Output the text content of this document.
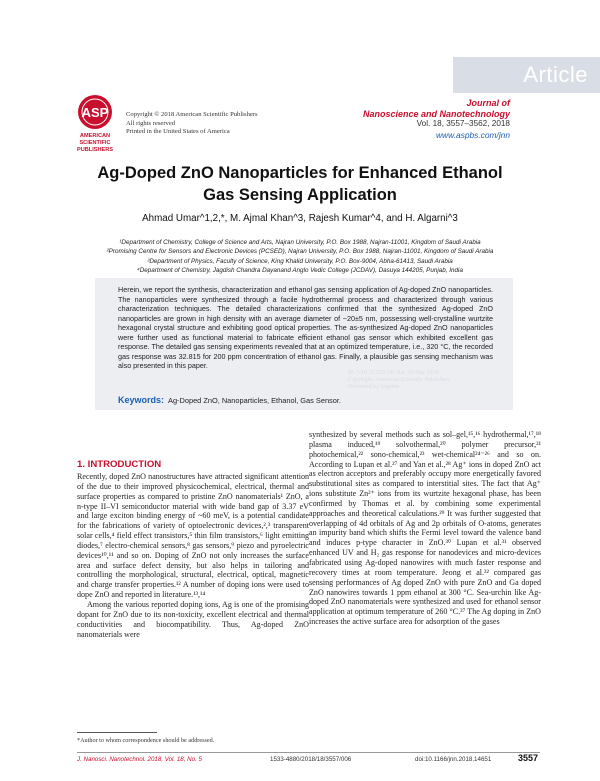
Article
ASP
AMERICAN
SCIENTIFIC
PUBLISHERS
Copyright © 2018 American Scientific Publishers
All rights reserved
Printed in the United States of America
Journal of
Nanoscience and Nanotechnology
Vol. 18, 3557–3562, 2018
www.aspbs.com/jnn
Ag-Doped ZnO Nanoparticles for Enhanced Ethanol
Gas Sensing Application
Ahmad Umar^1,2,*, M. Ajmal Khan^3, Rajesh Kumar^4, and H. Algarni^3
¹Department of Chemistry, College of Science and Arts, Najran University, P.O. Box 1988, Najran-11001, Kingdom of Saudi Arabia
²Promising Centre for Sensors and Electronic Devices (PCSED), Najran University, P.O. Box 1988, Najran-11001, Kingdom of Saudi Arabia
³Department of Physics, Faculty of Science, King Khalid University, P.O. Box-9004, Abha-61413, Saudi Arabia
⁴Department of Chemistry, Jagdish Chandra Dayanand Anglo Vedic College (JCDAV), Dasuya 144205, Punjab, India
Herein, we report the synthesis, characterization and ethanol gas sensing application of Ag-doped ZnO nanoparticles. The nanoparticles were synthesized through a facile hydrothermal process and characterized through various characterization techniques. The detailed characterizations confirmed that the synthesized Ag-doped ZnO nanoparticles are grown in high density with an average diameter of ~20±5 nm, possessing well-crystalline wurtzite hexagonal crystal structure and exhibiting good optical properties. The as-synthesized Ag-doped ZnO nanoparticles were further used as functional material to fabricate efficient ethanol gas sensor which exhibited excellent gas response. The detailed gas sensing experiments revealed that at an optimized temperature, i.e., 320 °C, the recorded gas response was 32.815 for 200 ppm concentration of ethanol gas. Finally, a plausible gas sensing mechanism was also presented in this paper.
IP: 5.10.31.210 On: Sat, 10 Mar 2018
Copyright: American Scientific Publishers
Delivered by Ingenta
Keywords: Ag-Doped ZnO, Nanoparticles, Ethanol, Gas Sensor.
1. INTRODUCTION
Recently, doped ZnO nanostructures have attracted significant attention of the due to their improved physicochemical, electrical, thermal and surface properties as compared to pristine ZnO nanomaterials¹ ZnO, a n-type II–VI semiconductor material with wide band gap of 3.37 eV and large exciton binding energy of ~60 meV, is a potential candidate for the fabrications of variety of optoelectronic devices,²,³ transparent solar cells,⁴ field effect transistors,⁵ thin film transistors,⁶ light emitting diodes,⁷ electro-chemical sensors,⁸ gas sensors,⁹ piezo and pyroelectric devices¹⁰,¹¹ and so on. Doping of ZnO not only increases the surface area and surface defect density, but also helps in tailoring and controlling the morphological, structural, electrical, optical, magnetic and charge transfer properties.¹² A number of doping ions were used to dope ZnO and reported in literature.¹³,¹⁴
Among the various reported doping ions, Ag is one of the promising dopant for ZnO due to its non-toxicity, excellent electrical and thermal conductivities and biocompatibility. Thus, Ag-doped ZnO nanomaterials were
synthesized by several methods such as sol–gel,¹⁵,¹⁶ hydrothermal,¹⁷,¹⁸ plasma induced,¹⁹ solvothermal,²⁰ polymer precursor,²¹ photochemical,²² sono-chemical,²³ wet-chemical²⁴⁻²⁶ and so on. According to Lupan et al.²⁷ and Yan et al.,²⁸ Ag⁺ ions in doped ZnO act as electron acceptors and preferably occupy more energetically favored substitutional sites as compared to interstitial sites. The fact that Ag⁺ ions substitute Zn²⁺ ions from its wurtzite hexagonal phase, has been confirmed by Thomas et al. by combining some experimental approaches and theoretical calculations.²⁹ It was further suggested that overlapping of 4d orbitals of Ag and 2p orbitals of O-atoms, generates an impurity band which shifts the Fermi level toward the valence band and induces p-type character in ZnO.³⁰ Lupan et al.³¹ observed enhanced UV and H₂ gas response for nanodevices and micro-devices fabricated using Ag-doped nanowires with much faster response and recovery times at room temperature. Jeong et al.³² compared gas sensing performances of Ag doped ZnO with pure ZnO and Ga doped ZnO nanowires towards 1 ppm ethanol at 300 °C. Sea-urchin like Ag-doped ZnO nanomaterials were synthesized and used for ethanol sensor application at optimum temperature of 260 °C.³⁷ The Ag doping in ZnO increases the active surface area for adsorption of the gases
*Author to whom correspondence should be addressed.
J. Nanosci. Nanotechnol. 2018, Vol. 18, No. 5	1533-4880/2018/18/3557/006	doi:10.1166/jnn.2018.14651	3557
